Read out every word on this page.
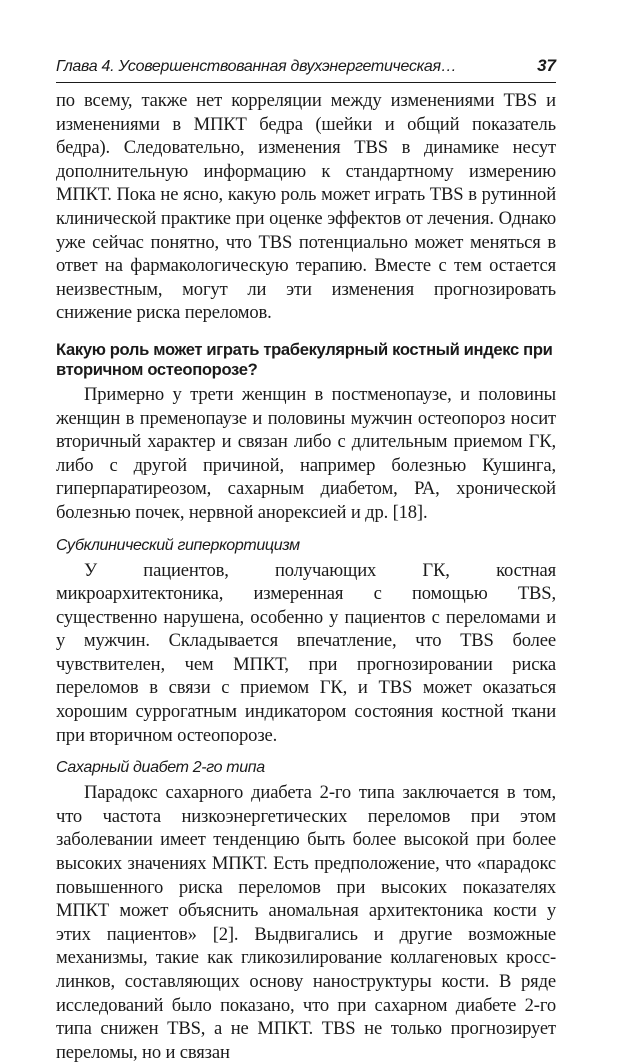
Глава 4. Усовершенствованная двухэнергетическая…	37

по всему, также нет корреляции между изменениями TBS и изменениями в МПКТ бедра (шейки и общий показатель бедра). Следовательно, изменения TBS в динамике несут дополнительную информацию к стандартному измерению МПКТ. Пока не ясно, какую роль может играть TBS в рутинной клинической практике при оценке эффектов от лечения. Однако уже сейчас понятно, что TBS потенциально может меняться в ответ на фармакологическую терапию. Вместе с тем остается неизвестным, могут ли эти изменения прогнозировать снижение риска переломов.

Какую роль может играть трабекулярный костный индекс при вторичном остеопорозе?

Примерно у трети женщин в постменопаузе, и половины женщин в пременопаузе и половины мужчин остеопороз носит вторичный характер и связан либо с длительным приемом ГК, либо с другой причиной, например болезнью Кушинга, гиперпаратиреозом, сахарным диабетом, РА, хронической болезнью почек, нервной анорексией и др. [18].

Субклинический гиперкортицизм

У пациентов, получающих ГК, костная микроархитектоника, измеренная с помощью TBS, существенно нарушена, особенно у пациентов с переломами и у мужчин. Складывается впечатление, что TBS более чувствителен, чем МПКТ, при прогнозировании риска переломов в связи с приемом ГК, и TBS может оказаться хорошим суррогатным индикатором состояния костной ткани при вторичном остеопорозе.

Сахарный диабет 2-го типа

Парадокс сахарного диабета 2-го типа заключается в том, что частота низкоэнергетических переломов при этом заболевании имеет тенденцию быть более высокой при более высоких значениях МПКТ. Есть предположение, что «парадокс повышенного риска переломов при высоких показателях МПКТ может объяснить аномальная архитектоника кости у этих пациентов» [2]. Выдвигались и другие возможные механизмы, такие как гликозилирование коллагеновых кросс-линков, составляющих основу наноструктуры кости. В ряде исследований было показано, что при сахарном диабете 2-го типа снижен TBS, а не МПКТ. TBS не только прогнозирует переломы, но и связан
